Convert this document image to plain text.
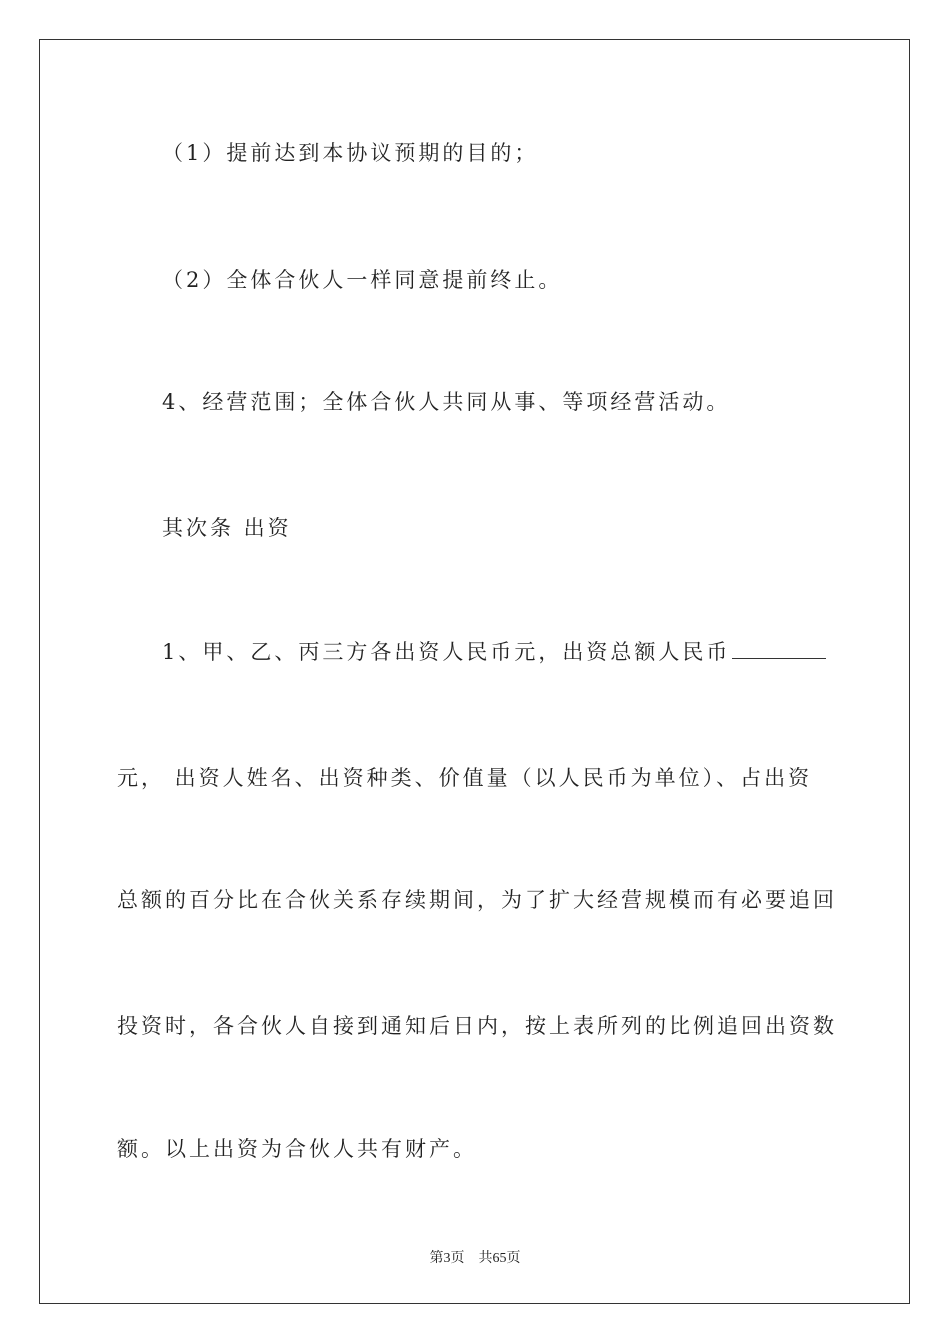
（1）提前达到本协议预期的目的；
（2）全体合伙人一样同意提前终止。
4、经营范围；全体合伙人共同从事、等项经营活动。
其次条 出资
1、甲、乙、丙三方各出资人民币元，出资总额人民币
元， 出资人姓名、出资种类、价值量（以人民币为单位）、占出资
总额的百分比在合伙关系存续期间，为了扩大经营规模而有必要追回
投资时，各合伙人自接到通知后日内，按上表所列的比例追回出资数
额。以上出资为合伙人共有财产。
第3页 共65页
